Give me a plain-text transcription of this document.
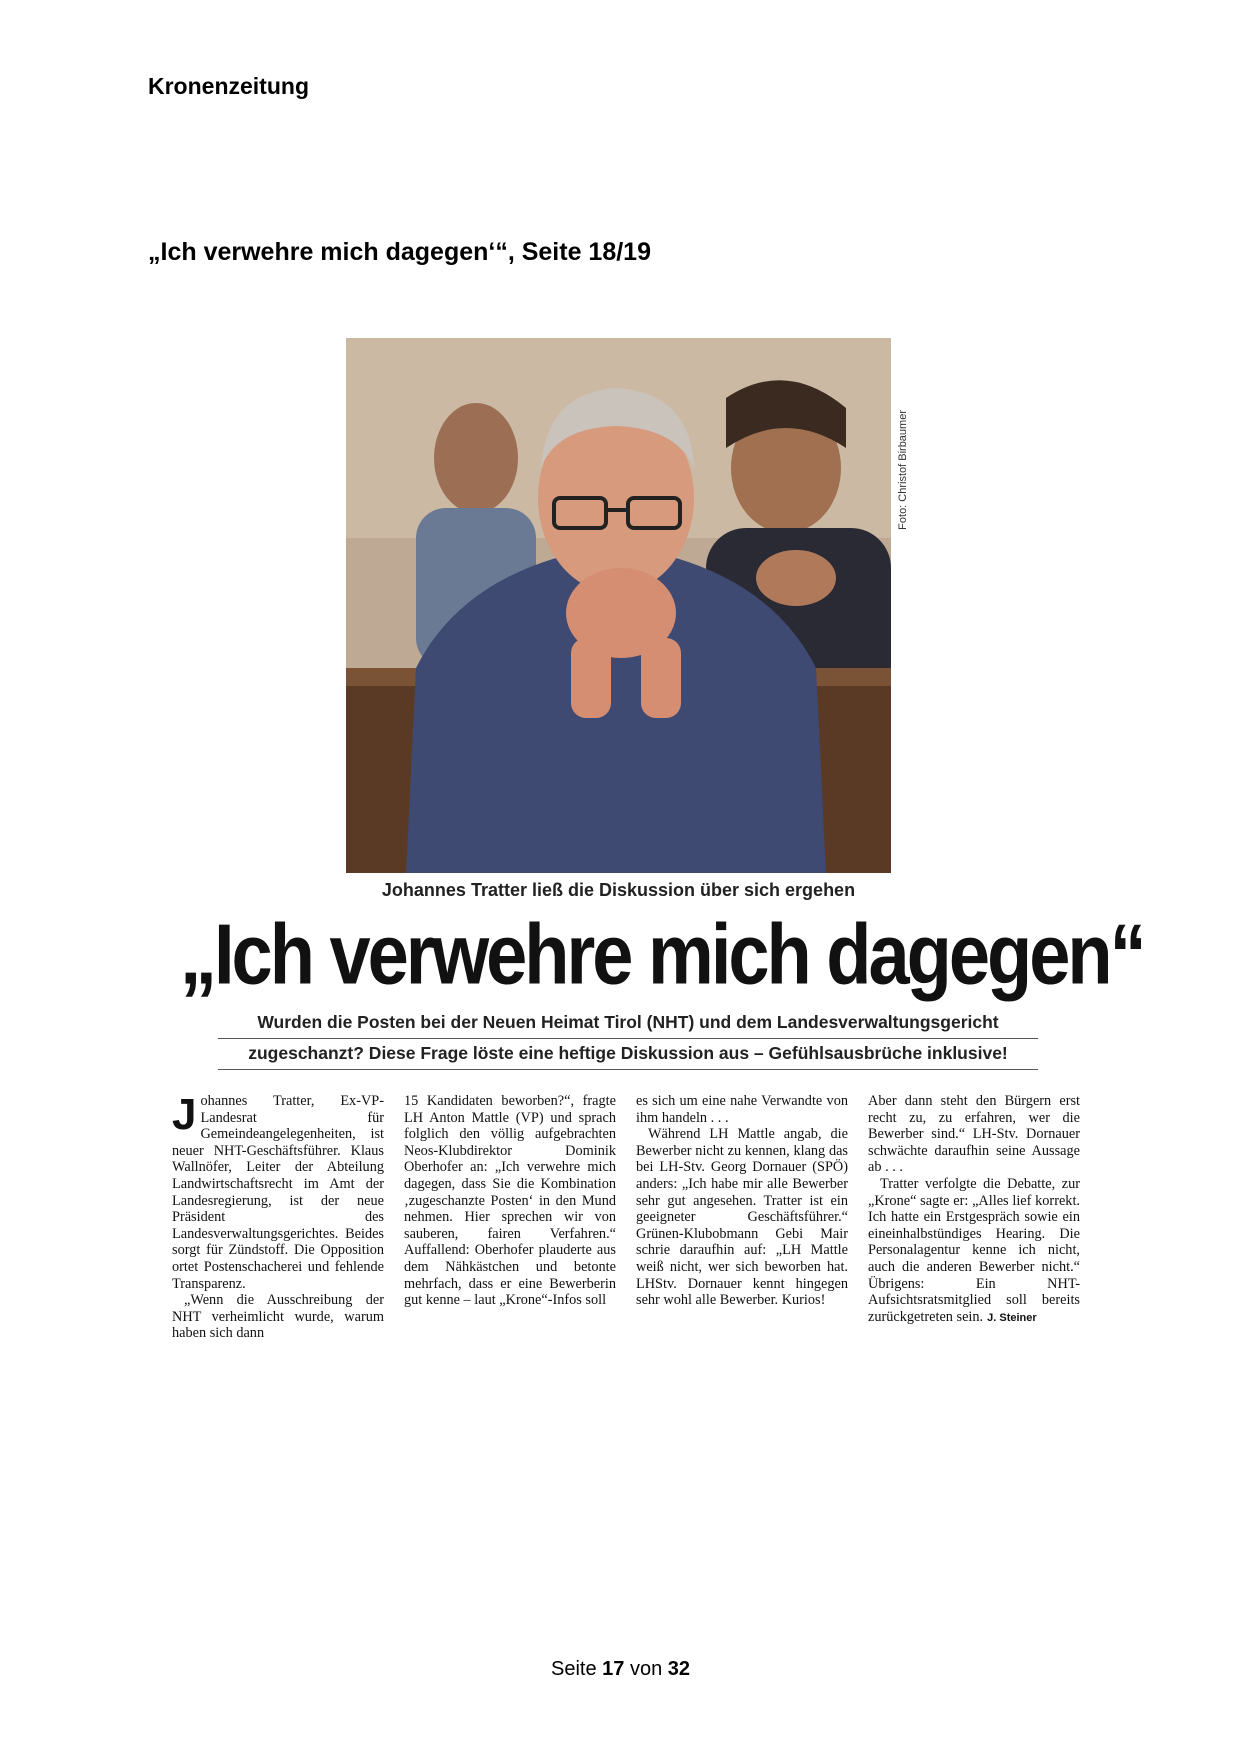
Kronenzeitung
„Ich verwehre mich dagegen‘“, Seite 18/19
Foto: Christof Birbaumer
Johannes Tratter ließ die Diskussion über sich ergehen
„Ich verwehre mich dagegen“
Wurden die Posten bei der Neuen Heimat Tirol (NHT) und dem Landesverwaltungsgericht
zugeschanzt? Diese Frage löste eine heftige Diskussion aus – Gefühlsausbrüche inklusive!

Johannes Tratter, Ex-VP-Landesrat für Gemeindeangelegenheiten, ist neuer NHT-Geschäftsführer. Klaus Wallnöfer, Leiter der Abteilung Landwirtschaftsrecht im Amt der Landesregierung, ist der neue Präsident des Landesverwaltungsgerichtes. Beides sorgt für Zündstoff. Die Opposition ortet Postenschacherei und fehlende Transparenz.

„Wenn die Ausschreibung der NHT verheimlicht wurde, warum haben sich dann

15 Kandidaten beworben?“, fragte LH Anton Mattle (VP) und sprach folglich den völlig aufgebrachten Neos-Klubdirektor Dominik Oberhofer an: „Ich verwehre mich dagegen, dass Sie die Kombination ‚zugeschanzte Posten‘ in den Mund nehmen. Hier sprechen wir von sauberen, fairen Verfahren.“ Auffallend: Oberhofer plauderte aus dem Nähkästchen und betonte mehrfach, dass er eine Bewerberin gut kenne – laut „Krone“-Infos soll

es sich um eine nahe Verwandte von ihm handeln . . .

Während LH Mattle angab, die Bewerber nicht zu kennen, klang das bei LH-Stv. Georg Dornauer (SPÖ) anders: „Ich habe mir alle Bewerber sehr gut angesehen. Tratter ist ein geeigneter Geschäftsführer.“ Grünen-Klubobmann Gebi Mair schrie daraufhin auf: „LH Mattle weiß nicht, wer sich beworben hat. LHStv. Dornauer kennt hingegen sehr wohl alle Bewerber. Kurios!

Aber dann steht den Bürgern erst recht zu, zu erfahren, wer die Bewerber sind.“ LH-Stv. Dornauer schwächte daraufhin seine Aussage ab . . .

Tratter verfolgte die Debatte, zur „Krone“ sagte er: „Alles lief korrekt. Ich hatte ein Erstgespräch sowie ein eineinhalbstündiges Hearing. Die Personalagentur kenne ich nicht, auch die anderen Bewerber nicht.“ Übrigens: Ein NHT-Aufsichtsratsmitglied soll bereits zurückgetreten sein. J. Steiner

Seite 17 von 32
